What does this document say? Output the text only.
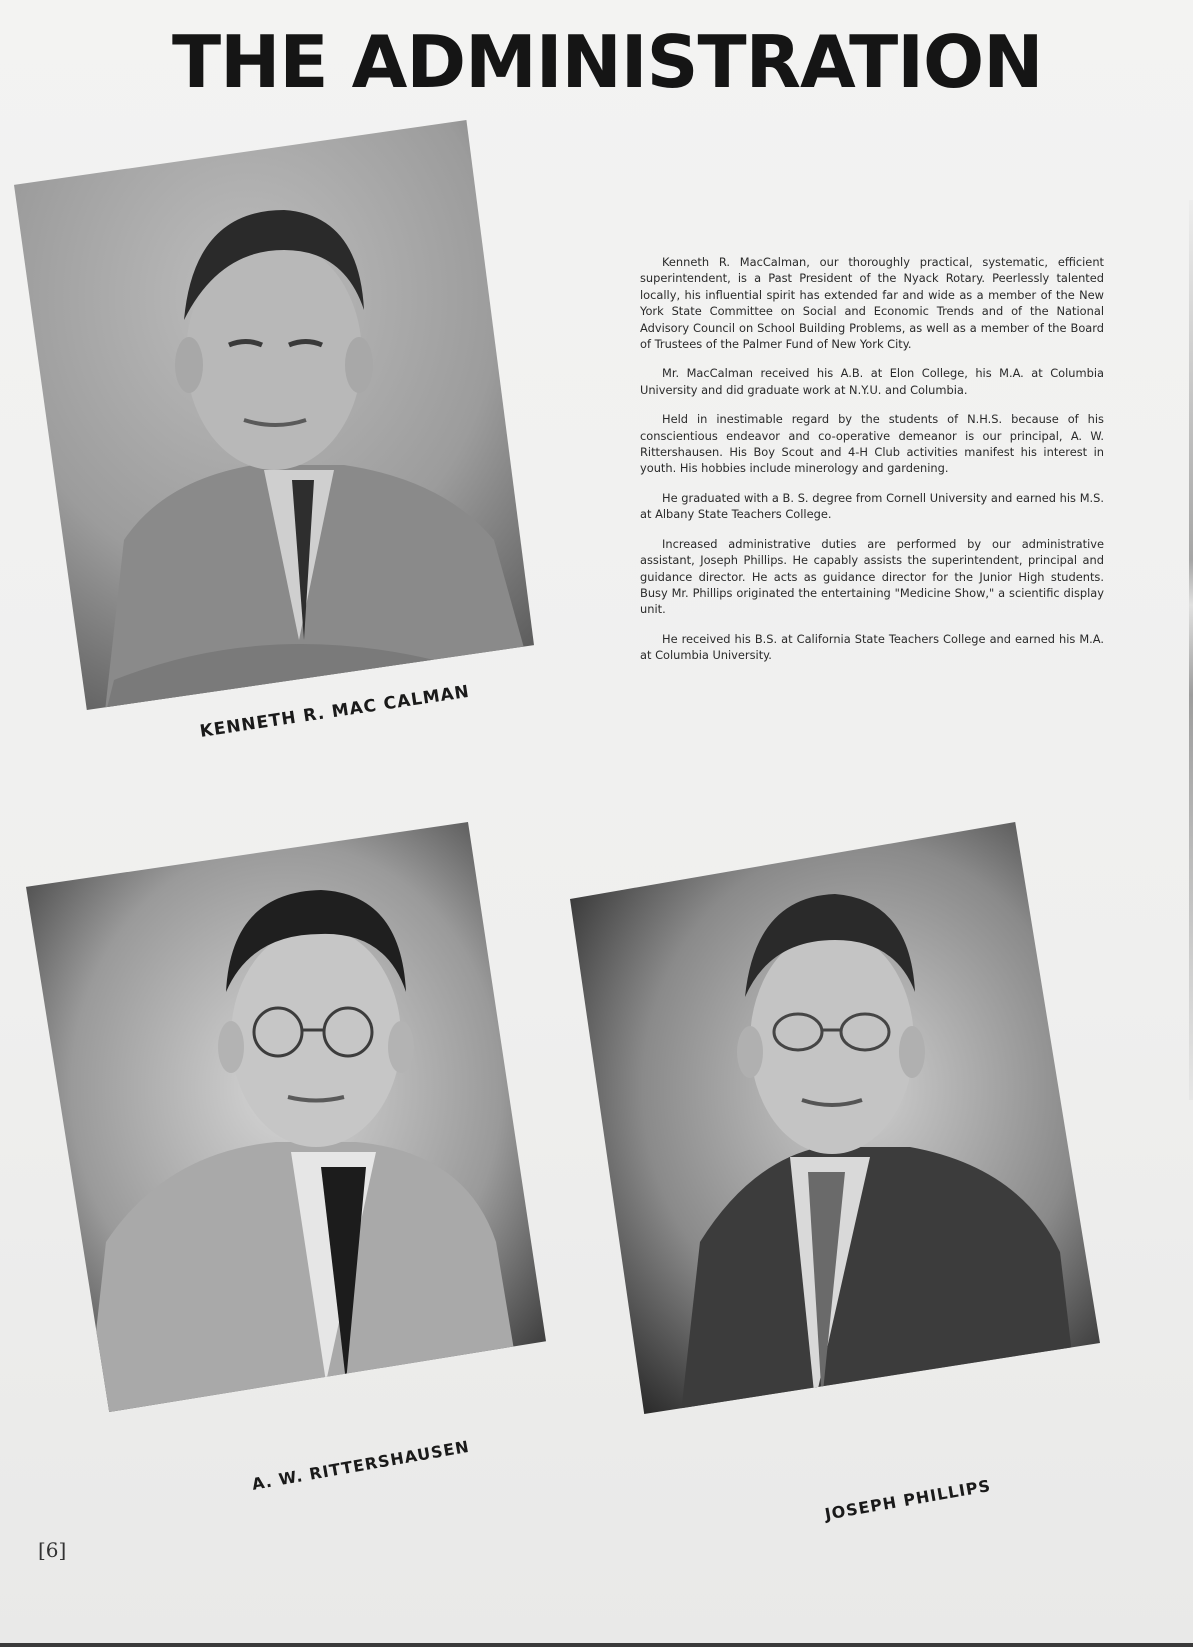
THE ADMINISTRATION

KENNETH R. MAC CALMAN

Kenneth R. MacCalman, our thoroughly practical, systematic, efficient superintendent, is a Past President of the Nyack Rotary. Peerlessly talented locally, his influential spirit has extended far and wide as a member of the New York State Committee on Social and Economic Trends and of the National Advisory Council on School Building Problems, as well as a member of the Board of Trustees of the Palmer Fund of New York City.

Mr. MacCalman received his A.B. at Elon College, his M.A. at Columbia University and did graduate work at N.Y.U. and Columbia.

Held in inestimable regard by the students of N.H.S. because of his conscientious endeavor and co-operative demeanor is our principal, A. W. Rittershausen. His Boy Scout and 4-H Club activities manifest his interest in youth. His hobbies include minerology and gardening.

He graduated with a B. S. degree from Cornell University and earned his M.S. at Albany State Teachers College.

Increased administrative duties are performed by our administrative assistant, Joseph Phillips. He capably assists the superintendent, principal and guidance director. He acts as guidance director for the Junior High students. Busy Mr. Phillips originated the entertaining "Medicine Show," a scientific display unit.

He received his B.S. at California State Teachers College and earned his M.A. at Columbia University.

A. W. RITTERSHAUSEN

JOSEPH PHILLIPS

[6]
